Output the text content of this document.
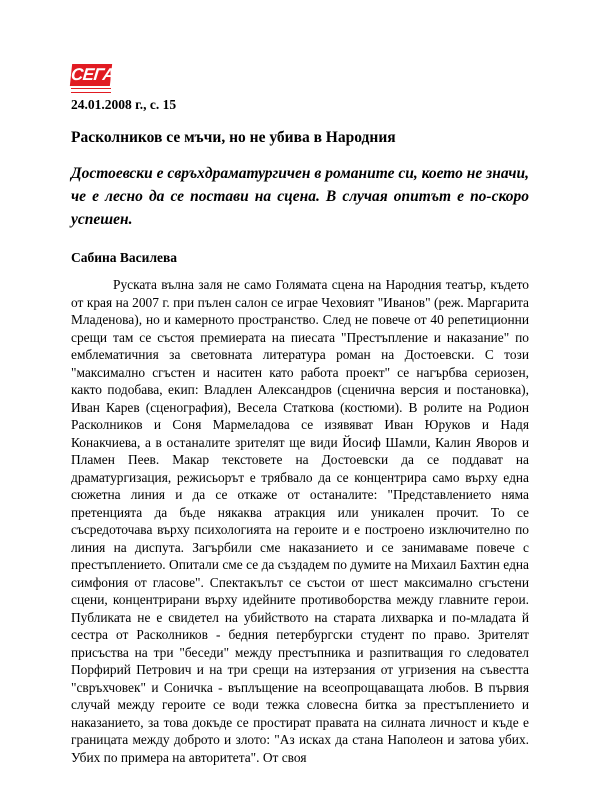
СЕГА
24.01.2008 г., с. 15
Расколников се мъчи, но не убива в Народния

Достоевски е свръхдраматургичен в романите си, което не значи, че е лесно да се постави на сцена. В случая опитът е по-скоро успешен.

Сабина Василева

Руската вълна заля не само Голямата сцена на Народния театър, където от края на 2007 г. при пълен салон се играе Чеховият "Иванов" (реж. Маргарита Младенова), но и камерното пространство. След не повече от 40 репетиционни срещи там се състоя премиерата на пиесата "Престъпление и наказание" по емблематичния за световната литература роман на Достоевски. С този "максимално сгъстен и наситен като работа проект" се нагърбва сериозен, както подобава, екип: Владлен Александров (сценична версия и постановка), Иван Карев (сценография), Весела Статкова (костюми). В ролите на Родион Расколников и Соня Мармеладова се изявяват Иван Юруков и Надя Конакчиева, а в останалите зрителят ще види Йосиф Шамли, Калин Яворов и Пламен Пеев. Макар текстовете на Достоевски да се поддават на драматургизация, режисьорът е трябвало да се концентрира само върху една сюжетна линия и да се откаже от останалите: "Представлението няма претенцията да бъде някаква атракция или уникален прочит. То се съсредоточава върху психологията на героите и е построено изключително по линия на диспута. Загърбили сме наказанието и се занимаваме повече с престъплението. Опитали сме се да създадем по думите на Михаил Бахтин една симфония от гласове". Спектакълът се състои от шест максимално сгъстени сцени, концентрирани върху идейните противоборства между главните герои. Публиката не е свидетел на убийството на старата лихварка и по-младата й сестра от Расколников - бедния петербургски студент по право. Зрителят присъства на три "беседи" между престъпника и разпитващия го следовател Порфирий Петрович и на три срещи на изтерзания от угризения на съвестта "свръхчовек" и Соничка - въплъщение на всеопрощаващата любов. В първия случай между героите се води тежка словесна битка за престъплението и наказанието, за това докъде се простират правата на силната личност и къде е границата между доброто и злото: "Аз исках да стана Наполеон и затова убих. Убих по примера на авторитета". От своя
